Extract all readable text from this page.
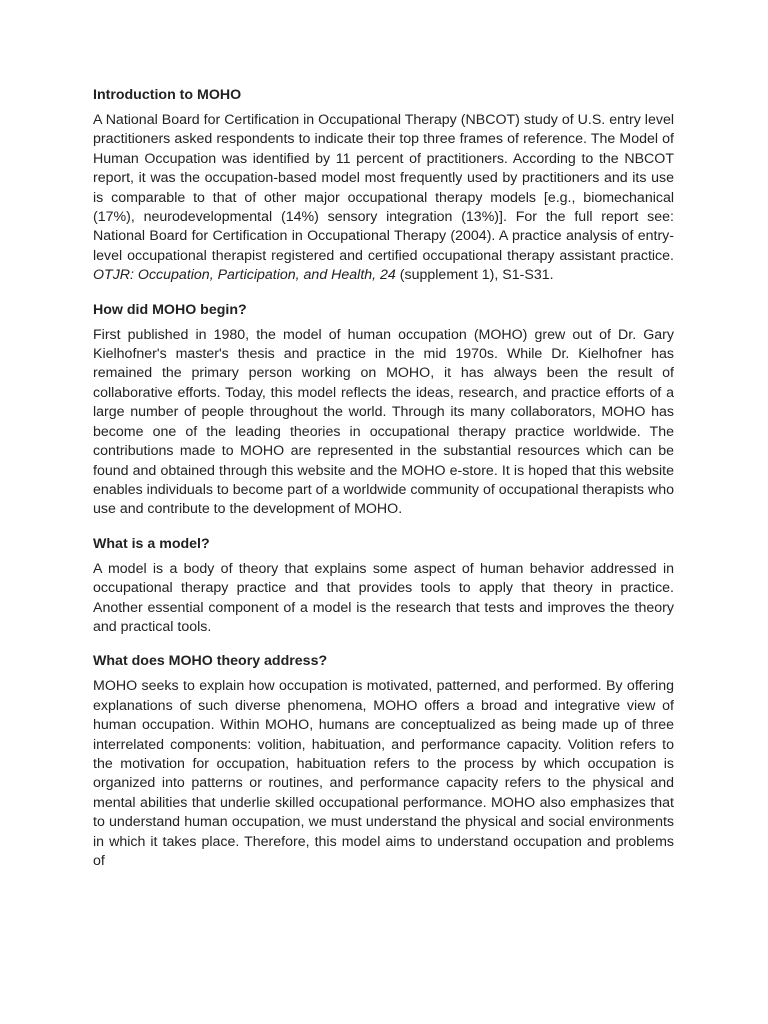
Introduction to MOHO
A National Board for Certification in Occupational Therapy (NBCOT) study of U.S. entry level practitioners asked respondents to indicate their top three frames of reference. The Model of Human Occupation was identified by 11 percent of practitioners. According to the NBCOT report, it was the occupation-based model most frequently used by practitioners and its use is comparable to that of other major occupational therapy models [e.g., biomechanical (17%), neurodevelopmental (14%) sensory integration (13%)]. For the full report see: National Board for Certification in Occupational Therapy (2004). A practice analysis of entry-level occupational therapist registered and certified occupational therapy assistant practice. OTJR: Occupation, Participation, and Health, 24 (supplement 1), S1-S31.
How did MOHO begin?
First published in 1980, the model of human occupation (MOHO) grew out of Dr. Gary Kielhofner's master's thesis and practice in the mid 1970s. While Dr. Kielhofner has remained the primary person working on MOHO, it has always been the result of collaborative efforts. Today, this model reflects the ideas, research, and practice efforts of a large number of people throughout the world. Through its many collaborators, MOHO has become one of the leading theories in occupational therapy practice worldwide. The contributions made to MOHO are represented in the substantial resources which can be found and obtained through this website and the MOHO e-store. It is hoped that this website enables individuals to become part of a worldwide community of occupational therapists who use and contribute to the development of MOHO.
What is a model?
A model is a body of theory that explains some aspect of human behavior addressed in occupational therapy practice and that provides tools to apply that theory in practice. Another essential component of a model is the research that tests and improves the theory and practical tools.
What does MOHO theory address?
MOHO seeks to explain how occupation is motivated, patterned, and performed. By offering explanations of such diverse phenomena, MOHO offers a broad and integrative view of human occupation. Within MOHO, humans are conceptualized as being made up of three interrelated components: volition, habituation, and performance capacity. Volition refers to the motivation for occupation, habituation refers to the process by which occupation is organized into patterns or routines, and performance capacity refers to the physical and mental abilities that underlie skilled occupational performance. MOHO also emphasizes that to understand human occupation, we must understand the physical and social environments in which it takes place. Therefore, this model aims to understand occupation and problems of
